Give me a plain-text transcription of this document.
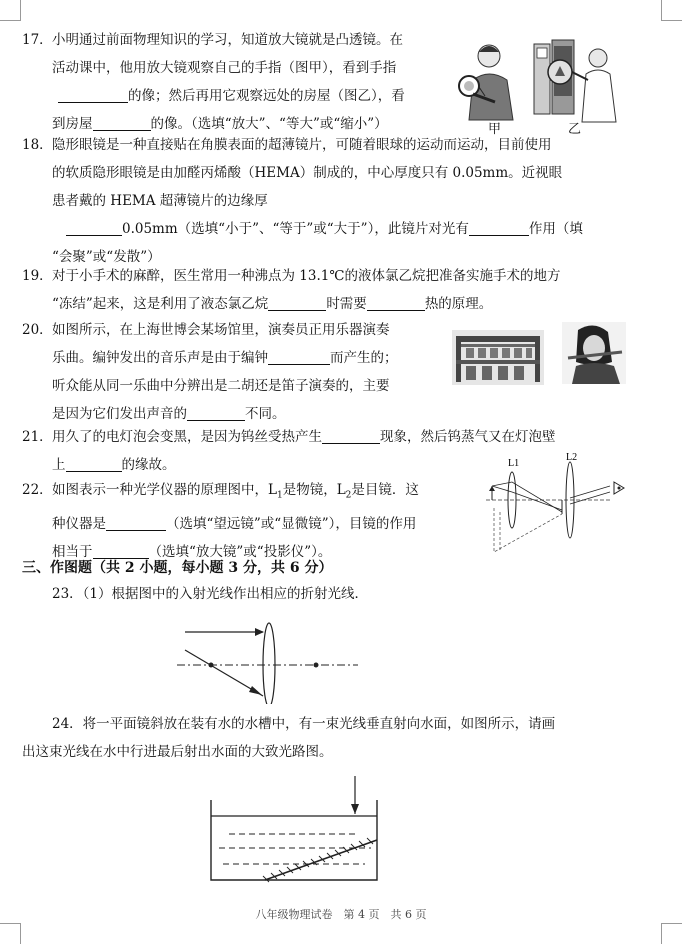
17．小明通过前面物理知识的学习，知道放大镜就是凸透镜。在
活动课中，他用放大镜观察自己的手指（图甲），看到手指
的像；然后再用它观察远处的房屋（图乙），看
到房屋	的像。（选填“放大”、“等大”或“缩小”）	甲	乙
18．隐形眼镜是一种直接贴在角膜表面的超薄镜片，可随着眼球的运动而运动，目前使用
的软质隐形眼镜是由加醛丙烯酸（HEMA）制成的，中心厚度只有 0.05mm。近视眼
患者戴的 HEMA 超薄镜片的边缘厚
0.05mm（选填“小于”、“等于”或“大于”），此镜片对光有	作用（填
“会聚”或“发散”）
19．对于小手术的麻醉，医生常用一种沸点为 13.1℃的液体氯乙烷把准备实施手术的地方
“冻结”起来，这是利用了液态氯乙烷	时需要	热的原理。
20．如图所示，在上海世博会某场馆里，演奏员正用乐器演奏
乐曲。编钟发出的音乐声是由于编钟	而产生的；
听众能从同一乐曲中分辨出是二胡还是笛子演奏的，主要
是因为它们发出声音的	不同。
21．用久了的电灯泡会变黑，是因为钨丝受热产生	现象，然后钨蒸气又在灯泡壁
上	的缘故。
22．如图表示一种光学仪器的原理图中，$L_1$是物镜，$L_2$是目镜．这
种仪器是	（选填“望远镜”或“显微镜”），目镜的作用
相当于	（选填“放大镜”或“投影仪”）。
L1
L2
三、作图题（共 2 小题，每小题 3 分，共 6 分）
23．（1）根据图中的入射光线作出相应的折射光线．
24．将一平面镜斜放在装有水的水槽中，有一束光线垂直射向水面，如图所示，请画
出这束光线在水中行进最后射出水面的大致光路图。
八年级物理试卷　第 4 页　共 6 页
